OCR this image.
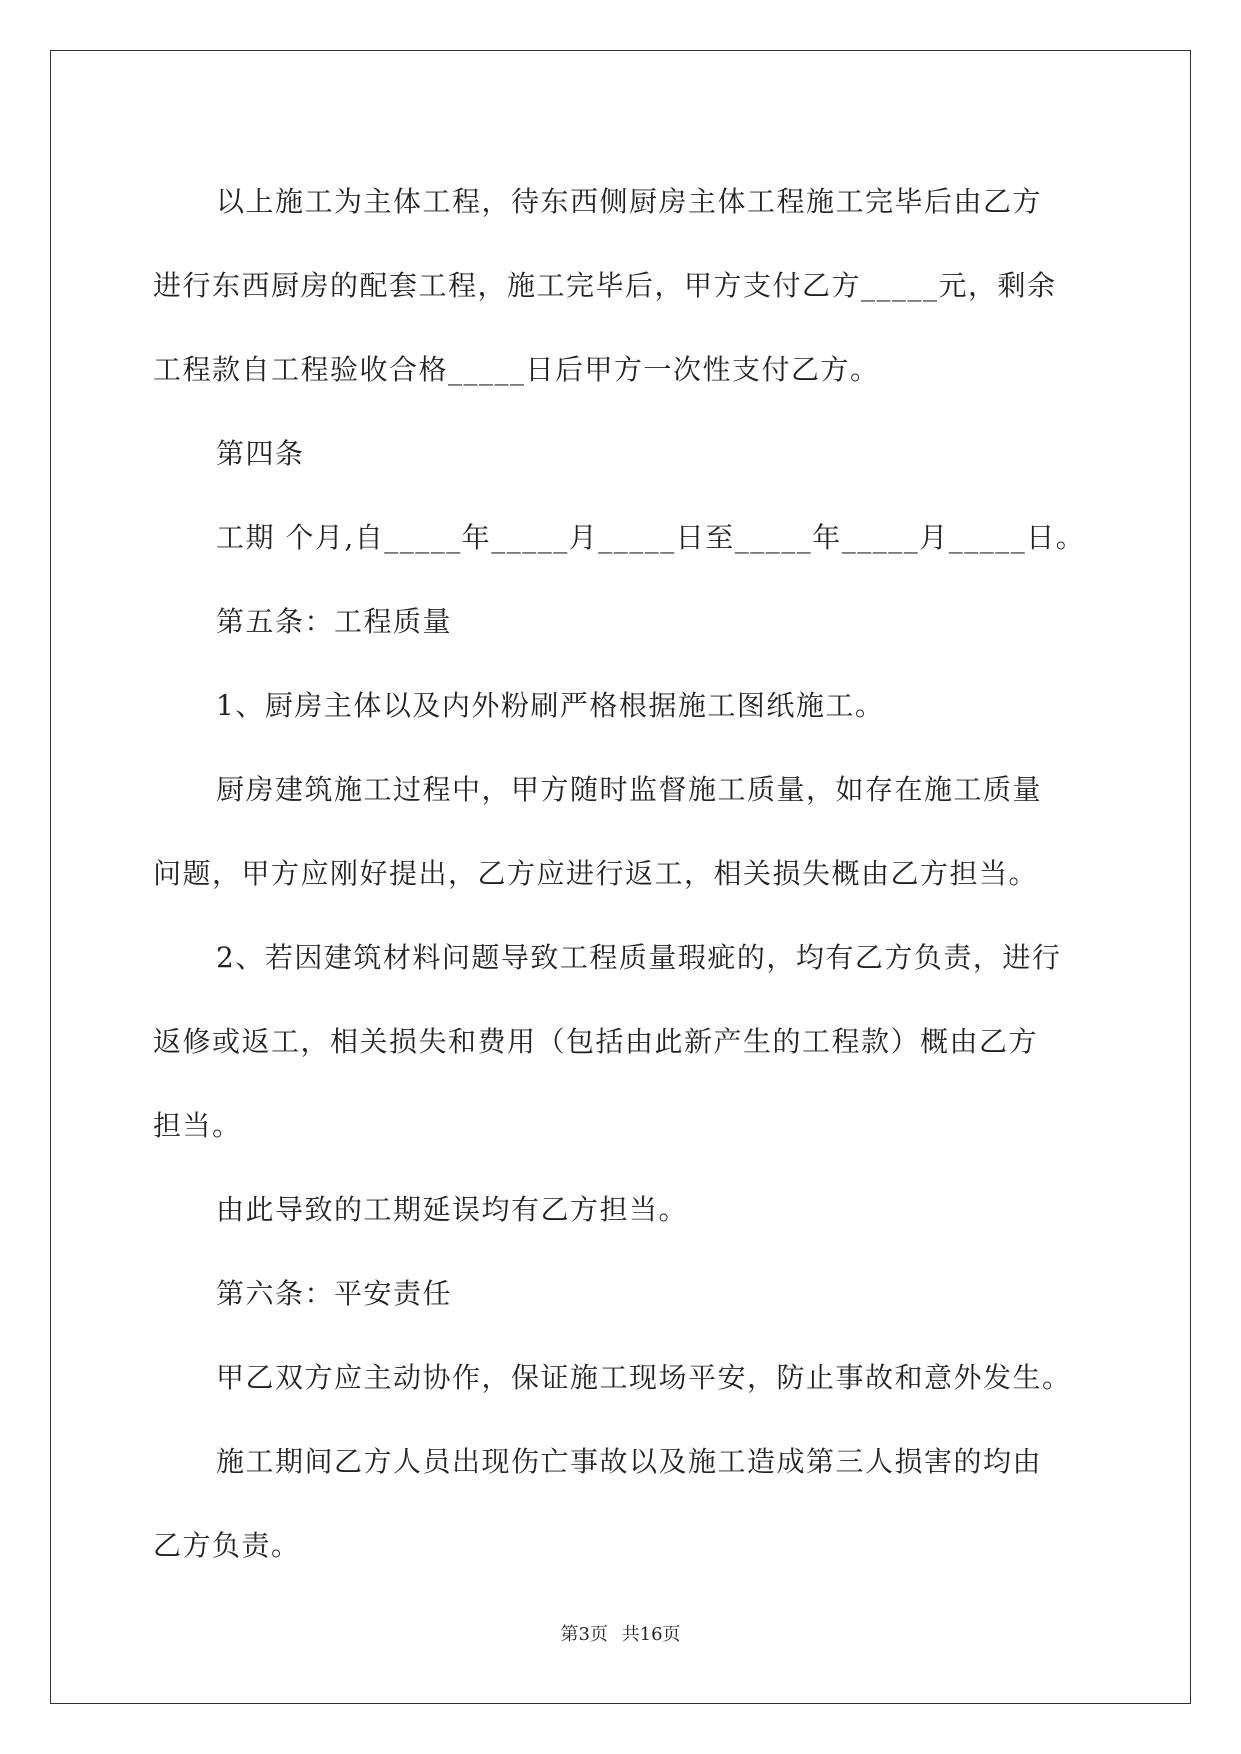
以上施工为主体工程，待东西侧厨房主体工程施工完毕后由乙方
进行东西厨房的配套工程，施工完毕后，甲方支付乙方_____元，剩余
工程款自工程验收合格_____日后甲方一次性支付乙方。
第四条
工期 个月,自_____年_____月_____日至_____年_____月_____日。
第五条：工程质量
1、厨房主体以及内外粉刷严格根据施工图纸施工。
厨房建筑施工过程中，甲方随时监督施工质量，如存在施工质量
问题，甲方应刚好提出，乙方应进行返工，相关损失概由乙方担当。
2、若因建筑材料问题导致工程质量瑕疵的，均有乙方负责，进行
返修或返工，相关损失和费用（包括由此新产生的工程款）概由乙方
担当。
由此导致的工期延误均有乙方担当。
第六条：平安责任
甲乙双方应主动协作，保证施工现场平安，防止事故和意外发生。
施工期间乙方人员出现伤亡事故以及施工造成第三人损害的均由
乙方负责。
第3页 共16页
